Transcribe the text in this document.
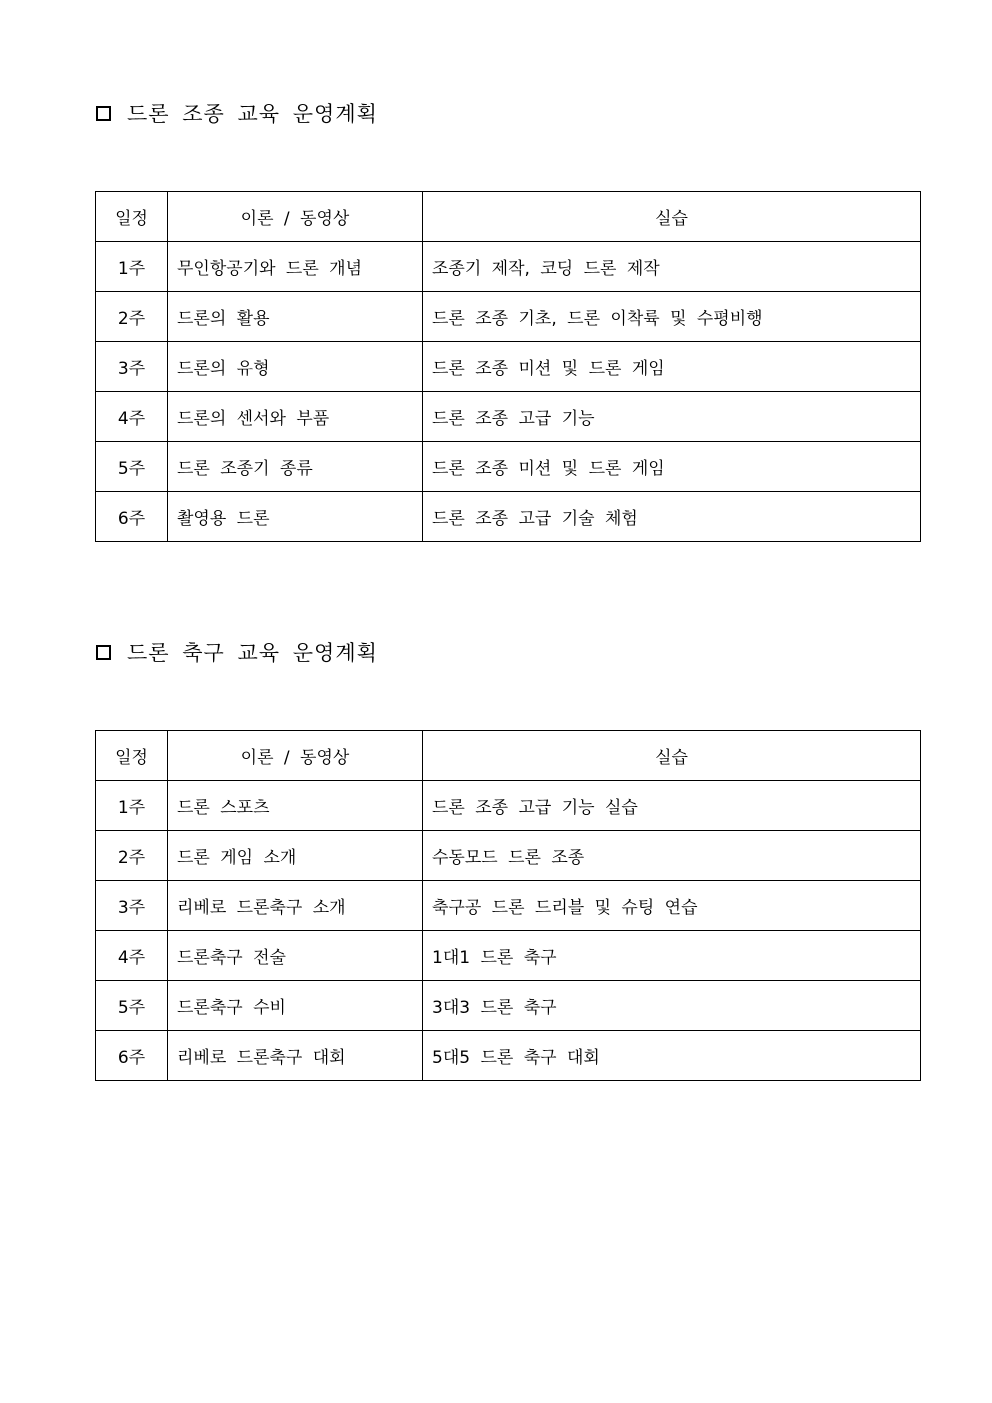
드론 조종 교육 운영계획
일정	이론 / 동영상	실습
1주	무인항공기와 드론 개념	조종기 제작, 코딩 드론 제작
2주	드론의 활용	드론 조종 기초, 드론 이착륙 및 수평비행
3주	드론의 유형	드론 조종 미션 및 드론 게임
4주	드론의 센서와 부품	드론 조종 고급 기능
5주	드론 조종기 종류	드론 조종 미션 및 드론 게임
6주	촬영용 드론	드론 조종 고급 기술 체험
드론 축구 교육 운영계획
일정	이론 / 동영상	실습
1주	드론 스포츠	드론 조종 고급 기능 실습
2주	드론 게임 소개	수동모드 드론 조종
3주	리베로 드론축구 소개	축구공 드론 드리블 및 슈팅 연습
4주	드론축구 전술	1대1 드론 축구
5주	드론축구 수비	3대3 드론 축구
6주	리베로 드론축구 대회	5대5 드론 축구 대회
